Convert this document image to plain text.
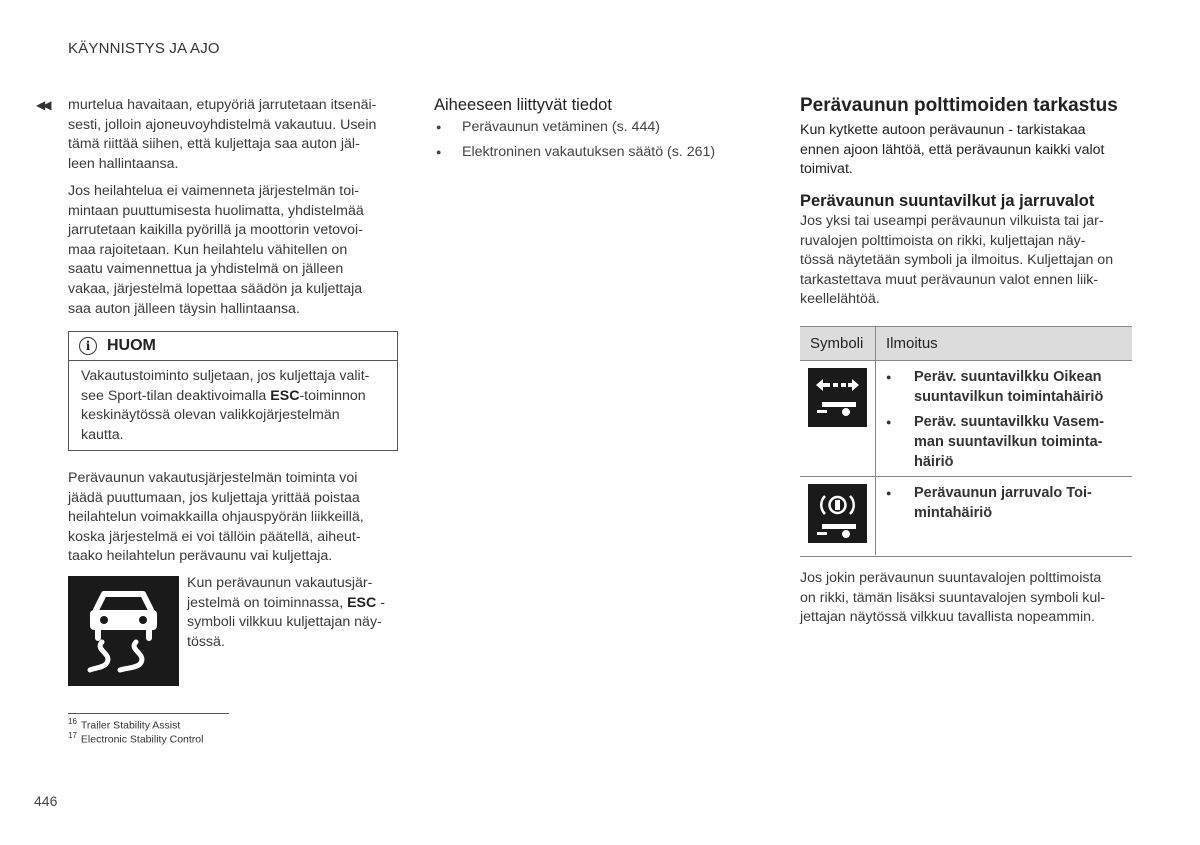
KÄYNNISTYS JA AJO
◀◀ murtelua havaitaan, etupyöriä jarrutetaan itsenäi-
sesti, jolloin ajoneuvoyhdistelmä vakautuu. Usein
tämä riittää siihen, että kuljettaja saa auton jäl-
leen hallintaansa.

Jos heilahtelua ei vaimenneta järjestelmän toi-
mintaan puuttumisesta huolimatta, yhdistelmää
jarrutetaan kaikilla pyörillä ja moottorin vetovoi-
maa rajoitetaan. Kun heilahtelu vähitellen on
saatu vaimennettua ja yhdistelmä on jälleen
vakaa, järjestelmä lopettaa säädön ja kuljettaja
saa auton jälleen täysin hallintaansa.

i	HUOM
Vakautustoiminto suljetaan, jos kuljettaja valit-
see Sport-tilan deaktivoimalla ESC-toiminnon
keskinäytössä olevan valikkojärjestelmän
kautta.

Perävaunun vakautusjärjestelmän toiminta voi
jäädä puuttumaan, jos kuljettaja yrittää poistaa
heilahtelun voimakkailla ohjauspyörän liikkeillä,
koska järjestelmä ei voi tällöin päätellä, aiheut-
taako heilahtelun perävaunu vai kuljettaja.

Kun perävaunun vakautusjär-
jestelmä on toiminnassa, ESC -
symboli vilkkuu kuljettajan näy-
tössä.

Aiheeseen liittyvät tiedot
● Perävaunun vetäminen (s. 444)
● Elektroninen vakautuksen säätö (s. 261)
Perävaunun polttimoiden tarkastus

Kun kytkette autoon perävaunun - tarkistakaa
ennen ajoon lähtöä, että perävaunun kaikki valot
toimivat.

Perävaunun suuntavilkut ja jarruvalot

Jos yksi tai useampi perävaunun vilkuista tai jar-
ruvalojen polttimoista on rikki, kuljettajan näy-
tössä näytetään symboli ja ilmoitus. Kuljettajan on
tarkastettava muut perävaunun valot ennen liik-
keellelähtöä.

Symboli	Ilmoitus
● Peräv. suuntavilkku Oikean
suuntavilkun toimintahäiriö
● Peräv. suuntavilkku Vasem-
man suuntavilkun toiminta-
häiriö
● Perävaunun jarruvalo Toi-
mintahäiriö

Jos jokin perävaunun suuntavalojen polttimoista
on rikki, tämän lisäksi suuntavalojen symboli kul-
jettajan näytössä vilkkuu tavallista nopeammin.

$^{16}$ Trailer Stability Assist
$^{17}$ Electronic Stability Control
446
